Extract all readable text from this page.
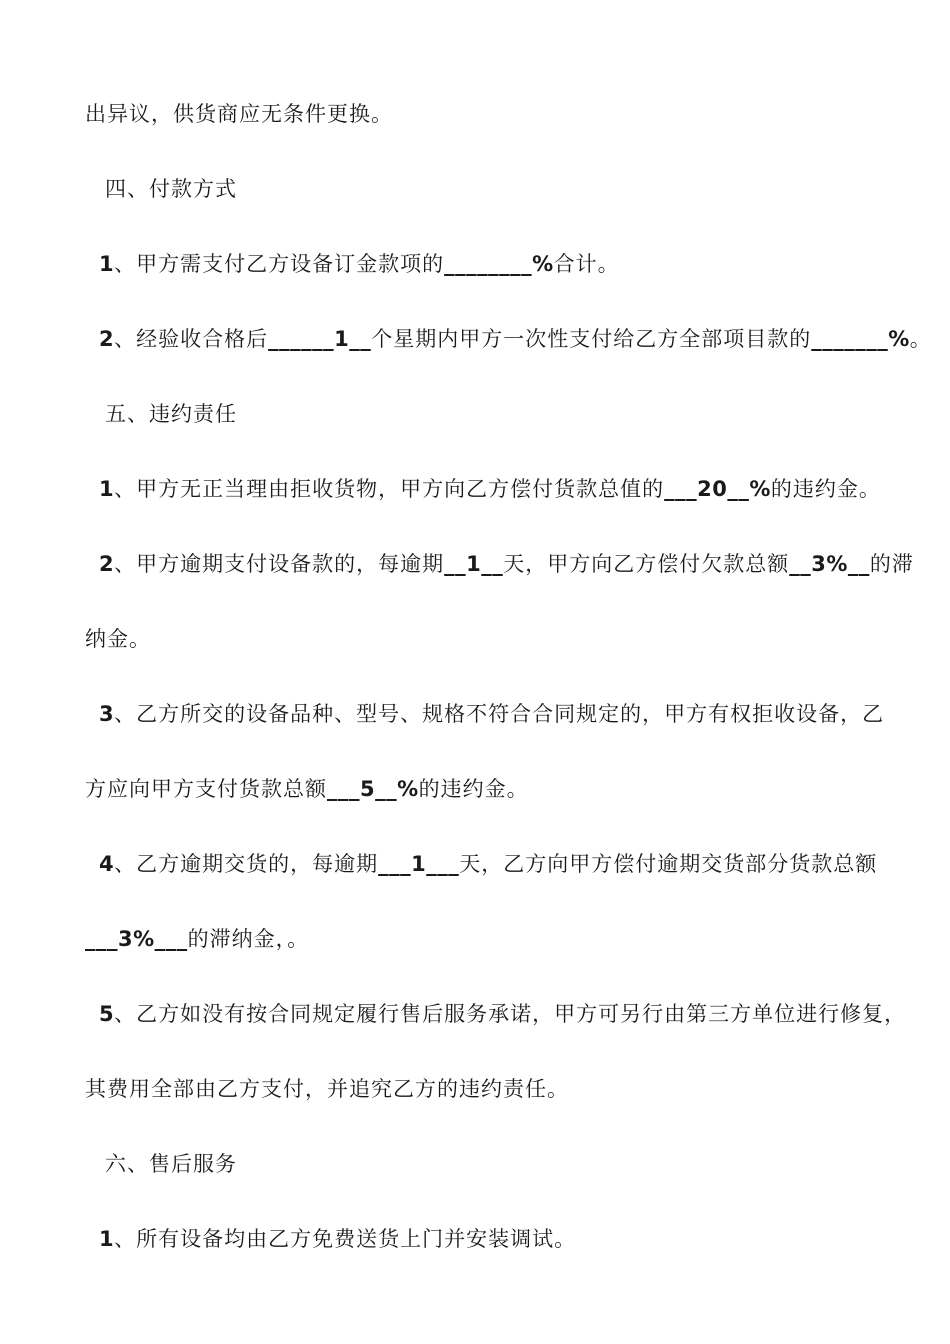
出异议，供货商应无条件更换。
四、付款方式
1、甲方需支付乙方设备订金款项的________%合计。
2、经验收合格后______1__个星期内甲方一次性支付给乙方全部项目款的_______%。
五、违约责任
1、甲方无正当理由拒收货物，甲方向乙方偿付货款总值的___20__%的违约金。
2、甲方逾期支付设备款的，每逾期__1__天，甲方向乙方偿付欠款总额__3%__的滞
纳金。
3、乙方所交的设备品种、型号、规格不符合合同规定的，甲方有权拒收设备，乙
方应向甲方支付货款总额___5__%的违约金。
4、乙方逾期交货的，每逾期___1___天，乙方向甲方偿付逾期交货部分货款总额
___3%___的滞纳金，。
5、乙方如没有按合同规定履行售后服务承诺，甲方可另行由第三方单位进行修复，
其费用全部由乙方支付，并追究乙方的违约责任。
六、售后服务
1、所有设备均由乙方免费送货上门并安装调试。
